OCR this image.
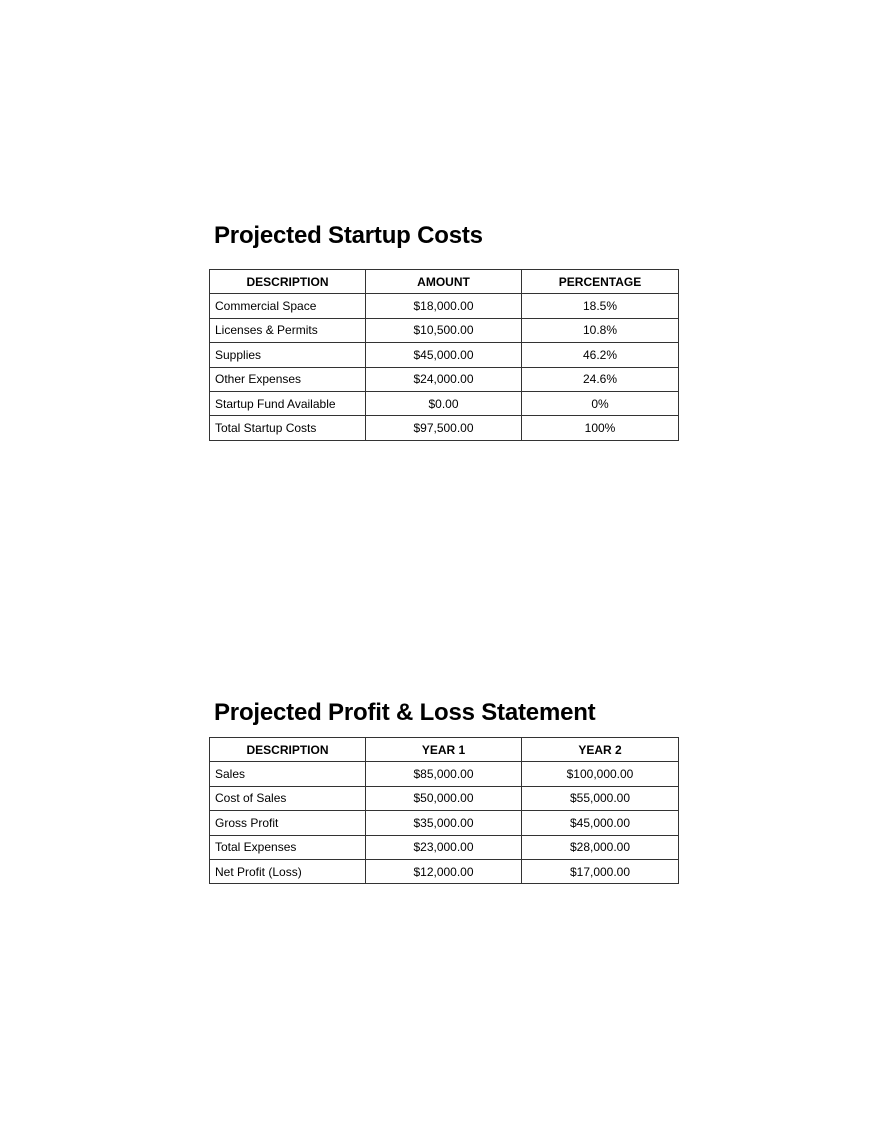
Projected Startup Costs
DESCRIPTION	AMOUNT	PERCENTAGE
Commercial Space	$18,000.00	18.5%
Licenses & Permits	$10,500.00	10.8%
Supplies	$45,000.00	46.2%
Other Expenses	$24,000.00	24.6%
Startup Fund Available	$0.00	0%
Total Startup Costs	$97,500.00	100%
Projected Profit & Loss Statement
DESCRIPTION	YEAR 1	YEAR 2
Sales	$85,000.00	$100,000.00
Cost of Sales	$50,000.00	$55,000.00
Gross Profit	$35,000.00	$45,000.00
Total Expenses	$23,000.00	$28,000.00
Net Profit (Loss)	$12,000.00	$17,000.00
